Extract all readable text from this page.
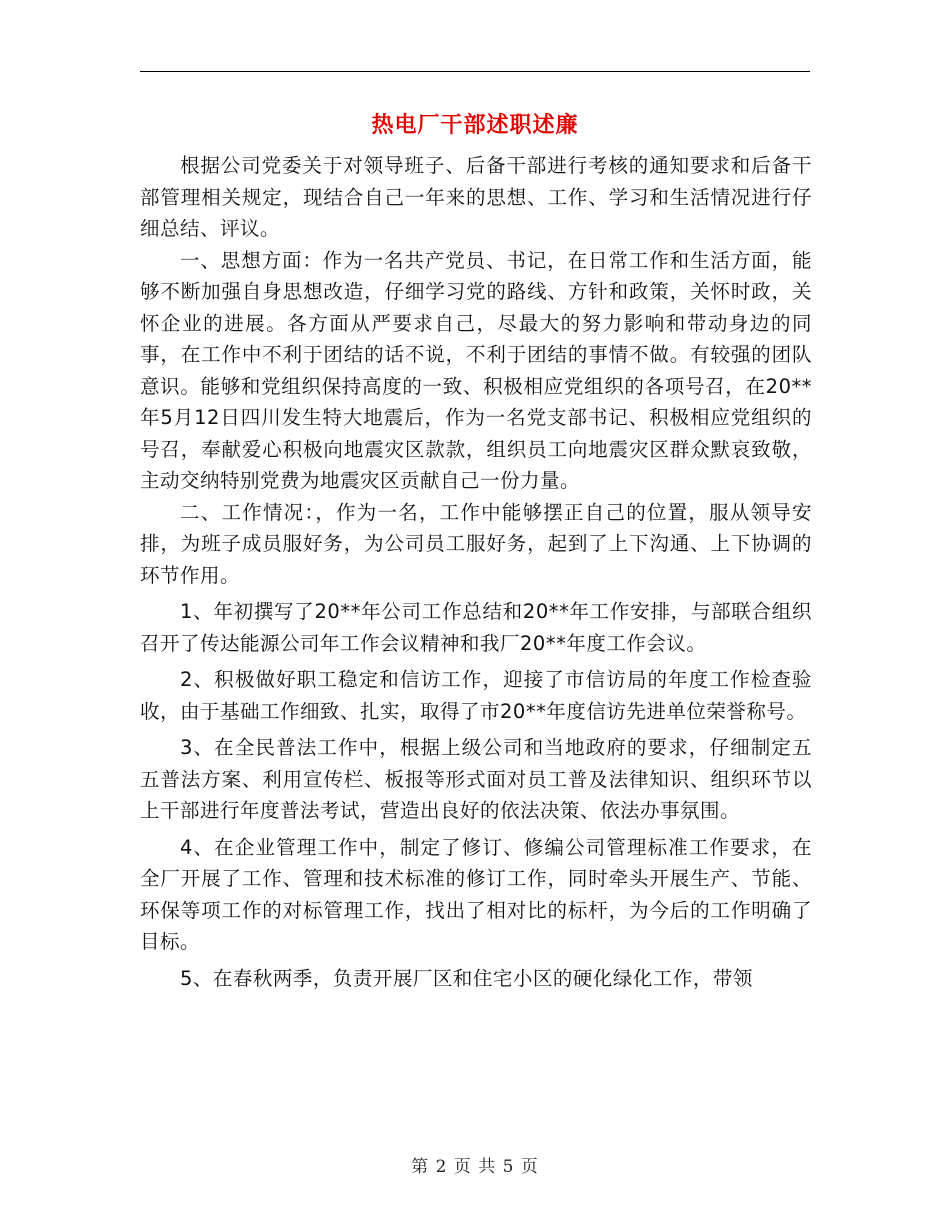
热电厂干部述职述廉

根据公司党委关于对领导班子、后备干部进行考核的通知要求和后备干部管理相关规定，现结合自己一年来的思想、工作、学习和生活情况进行仔细总结、评议。

一、思想方面：作为一名共产党员、书记，在日常工作和生活方面，能够不断加强自身思想改造，仔细学习党的路线、方针和政策，关怀时政，关怀企业的进展。各方面从严要求自己，尽最大的努力影响和带动身边的同事，在工作中不利于团结的话不说，不利于团结的事情不做。有较强的团队意识。能够和党组织保持高度的一致、积极相应党组织的各项号召，在20**年5月12日四川发生特大地震后，作为一名党支部书记、积极相应党组织的号召，奉献爱心积极向地震灾区款款，组织员工向地震灾区群众默哀致敬，主动交纳特别党费为地震灾区贡献自己一份力量。

二、工作情况：，作为一名，工作中能够摆正自己的位置，服从领导安排，为班子成员服好务，为公司员工服好务，起到了上下沟通、上下协调的环节作用。

1、年初撰写了20**年公司工作总结和20**年工作安排，与部联合组织召开了传达能源公司年工作会议精神和我厂20**年度工作会议。

2、积极做好职工稳定和信访工作，迎接了市信访局的年度工作检查验收，由于基础工作细致、扎实，取得了市20**年度信访先进单位荣誉称号。

3、在全民普法工作中，根据上级公司和当地政府的要求，仔细制定五五普法方案、利用宣传栏、板报等形式面对员工普及法律知识、组织环节以上干部进行年度普法考试，营造出良好的依法决策、依法办事氛围。

4、在企业管理工作中，制定了修订、修编公司管理标准工作要求，在全厂开展了工作、管理和技术标准的修订工作，同时牵头开展生产、节能、环保等项工作的对标管理工作，找出了相对比的标杆，为今后的工作明确了目标。

5、在春秋两季，负责开展厂区和住宅小区的硬化绿化工作，带领

第 2 页 共 5 页
